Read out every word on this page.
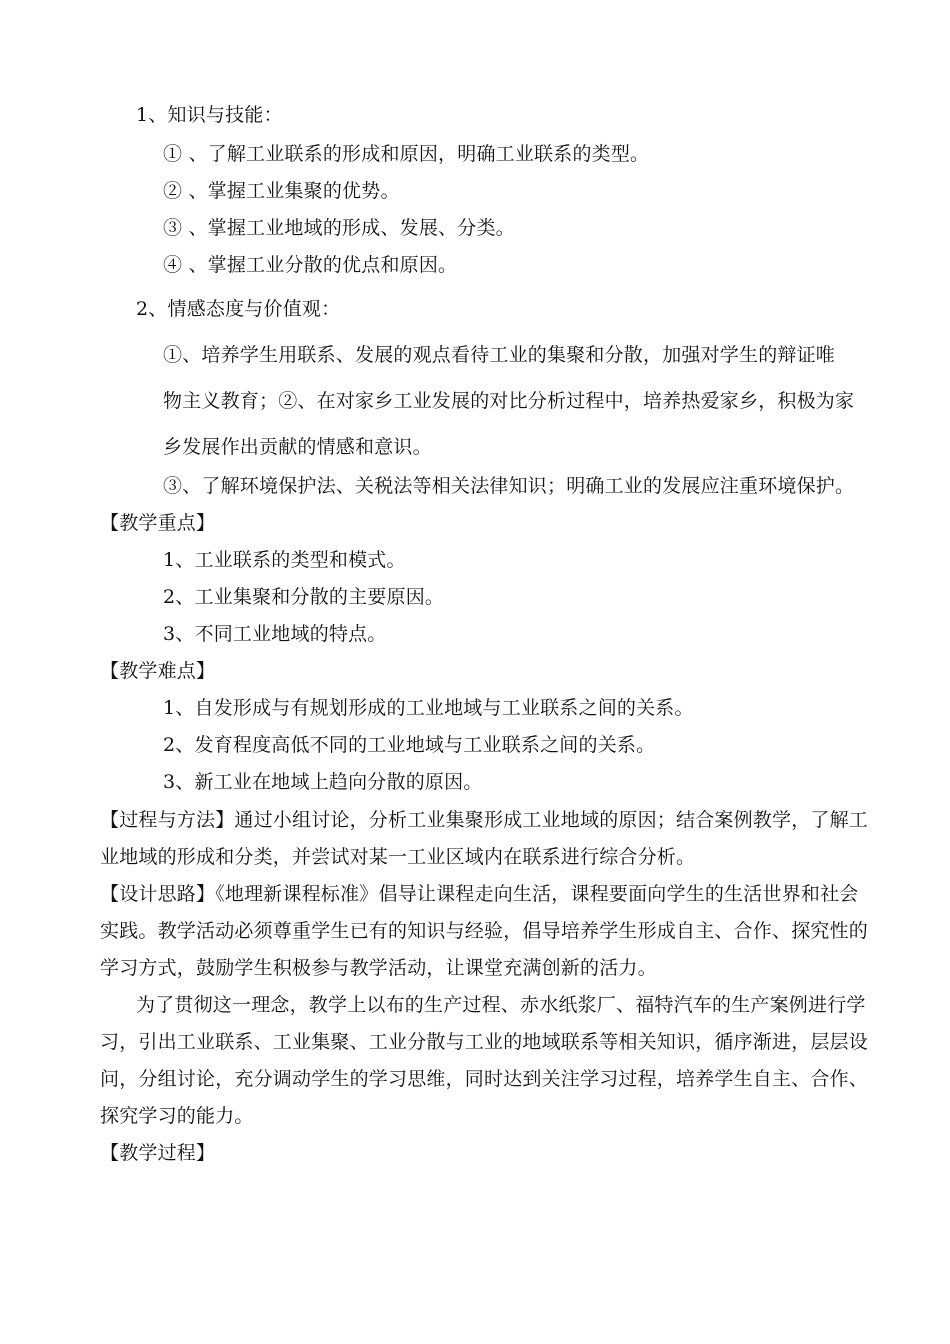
1、知识与技能：
① 、了解工业联系的形成和原因，明确工业联系的类型。
② 、掌握工业集聚的优势。
③ 、掌握工业地域的形成、发展、分类。
④ 、掌握工业分散的优点和原因。
2、情感态度与价值观：
①、培养学生用联系、发展的观点看待工业的集聚和分散，加强对学生的辩证唯
物主义教育；②、在对家乡工业发展的对比分析过程中，培养热爱家乡，积极为家
乡发展作出贡献的情感和意识。
③、了解环境保护法、关税法等相关法律知识；明确工业的发展应注重环境保护。
【教学重点】
1、工业联系的类型和模式。
2、工业集聚和分散的主要原因。
3、不同工业地域的特点。
【教学难点】
1、自发形成与有规划形成的工业地域与工业联系之间的关系。
2、发育程度高低不同的工业地域与工业联系之间的关系。
3、新工业在地域上趋向分散的原因。
【过程与方法】通过小组讨论，分析工业集聚形成工业地域的原因；结合案例教学，了解工
业地域的形成和分类，并尝试对某一工业区域内在联系进行综合分析。
【设计思路】《地理新课程标准》倡导让课程走向生活，课程要面向学生的生活世界和社会
实践。教学活动必须尊重学生已有的知识与经验，倡导培养学生形成自主、合作、探究性的
学习方式，鼓励学生积极参与教学活动，让课堂充满创新的活力。
为了贯彻这一理念，教学上以布的生产过程、赤水纸浆厂、福特汽车的生产案例进行学
习，引出工业联系、工业集聚、工业分散与工业的地域联系等相关知识，循序渐进，层层设
问，分组讨论，充分调动学生的学习思维，同时达到关注学习过程，培养学生自主、合作、
探究学习的能力。
【教学过程】
